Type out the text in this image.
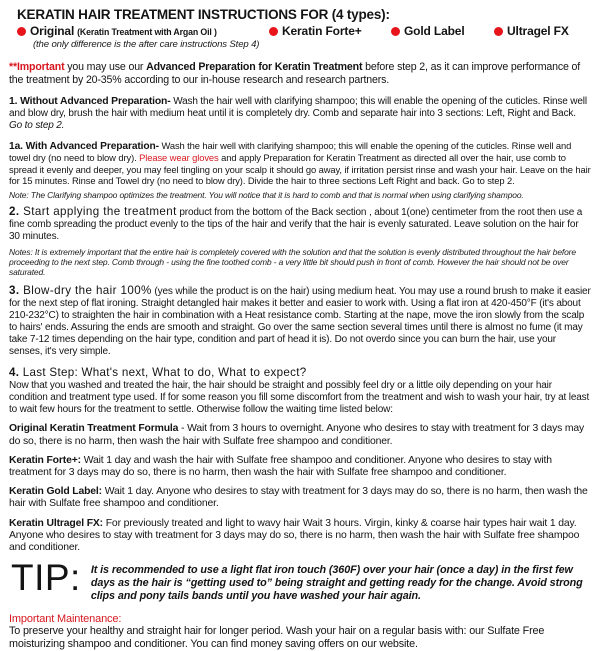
KERATIN HAIR TREATMENT INSTRUCTIONS FOR (4 types):
Original (Keratin Treatment with Argan Oil )	Keratin Forte+	Gold Label	Ultragel FX
(the only difference is the after care instructions Step 4)

**Important you may use our Advanced Preparation for Keratin Treatment before step 2, as it can improve performance of the treatment by 20-35% according to our in-house research and research partners.

1. Without Advanced Preparation- Wash the hair well with clarifying shampoo; this will enable the opening of the cuticles. Rinse well and blow dry, brush the hair with medium heat until it is completely dry. Comb and separate hair into 3 sections: Left, Right and Back. Go to step 2.

1a. With Advanced Preparation- Wash the hair well with clarifying shampoo; this will enable the opening of the cuticles. Rinse well and towel dry (no need to blow dry). Please wear gloves and apply Preparation for Keratin Treatment as directed all over the hair, use comb to spread it evenly and deeper, you may feel tingling on your scalp it should go away, if irritation persist rinse and wash your hair. Leave on the hair for 15 minutes. Rinse and Towel dry (no need to blow dry). Divide the hair to three sections Left Right and back. Go to step 2.

Note: The Clarifying shampoo optimizes the treatment. You will notice that it is hard to comb and that is normal when using clarifying shampoo.

2. Start applying the treatment product from the bottom of the Back section , about 1(one) centimeter from the root then use a fine comb spreading the product evenly to the tips of the hair and verify that the hair is evenly saturated. Leave solution on the hair for 30 minutes.

Notes: It is extremely important that the entire hair is completely covered with the solution and that the solution is evenly distributed throughout the hair before proceeding to the next step. Comb through - using the fine toothed comb - a very little bit should push in front of comb. However the hair should not be over saturated.

3. Blow-dry the hair 100% (yes while the product is on the hair) using medium heat. You may use a round brush to make it easier for the next step of flat ironing. Straight detangled hair makes it better and easier to work with. Using a flat iron at 420-450°F (it's about 210-232°C) to straighten the hair in combination with a Heat resistance comb. Starting at the nape, move the iron slowly from the scalp to hairs' ends. Assuring the ends are smooth and straight. Go over the same section several times until there is almost no fume (it may take 7-12 times depending on the hair type, condition and part of head it is). Do not overdo since you can burn the hair, use your senses, it's very simple.

4. Last Step: What's next, What to do, What to expect?
Now that you washed and treated the hair, the hair should be straight and possibly feel dry or a little oily depending on your hair condition and treatment type used. If for some reason you fill some discomfort from the treatment and wish to wash your hair, try at least to wait few hours for the treatment to settle. Otherwise follow the waiting time listed below:

Original Keratin Treatment Formula - Wait from 3 hours to overnight. Anyone who desires to stay with treatment for 3 days may do so, there is no harm, then wash the hair with Sulfate free shampoo and conditioner.

Keratin Forte+: Wait 1 day and wash the hair with Sulfate free shampoo and conditioner. Anyone who desires to stay with treatment for 3 days may do so, there is no harm, then wash the hair with Sulfate free shampoo and conditioner.

Keratin Gold Label: Wait 1 day. Anyone who desires to stay with treatment for 3 days may do so, there is no harm, then wash the hair with Sulfate free shampoo and conditioner.

Keratin Ultragel FX: For previously treated and light to wavy hair Wait 3 hours. Virgin, kinky & coarse hair types hair wait 1 day. Anyone who desires to stay with treatment for 3 days may do so, there is no harm, then wash the hair with Sulfate free shampoo and conditioner.

TIP: It is recommended to use a light flat iron touch (360F) over your hair (once a day) in the first few days as the hair is “getting used to” being straight and getting ready for the change. Avoid strong clips and pony tails bands until you have washed your hair again.
Important Maintenance:
To preserve your healthy and straight hair for longer period. Wash your hair on a regular basis with: our Sulfate Free moisturizing shampoo and conditioner. You can find money saving offers on our website.
